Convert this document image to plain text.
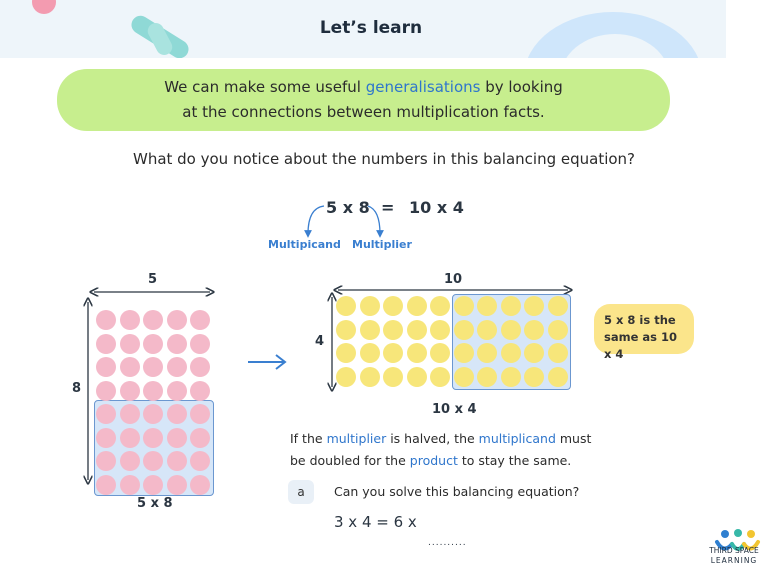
Let’s learn
We can make some useful generalisations by looking
at the connections between multiplication facts.
What do you notice about the numbers in this balancing equation?
5 x 8 = 10 x 4
Multipicand Multiplier
5
8
5 x 8
10
4
10 x 4
5 x 8 is the
same as 10 x 4
If the multiplier is halved, the multiplicand must
be doubled for the product to stay the same.
a	Can you solve this balancing equation?
3 x 4 = 6 x
..........
THIRD SPACE
LEARNING
